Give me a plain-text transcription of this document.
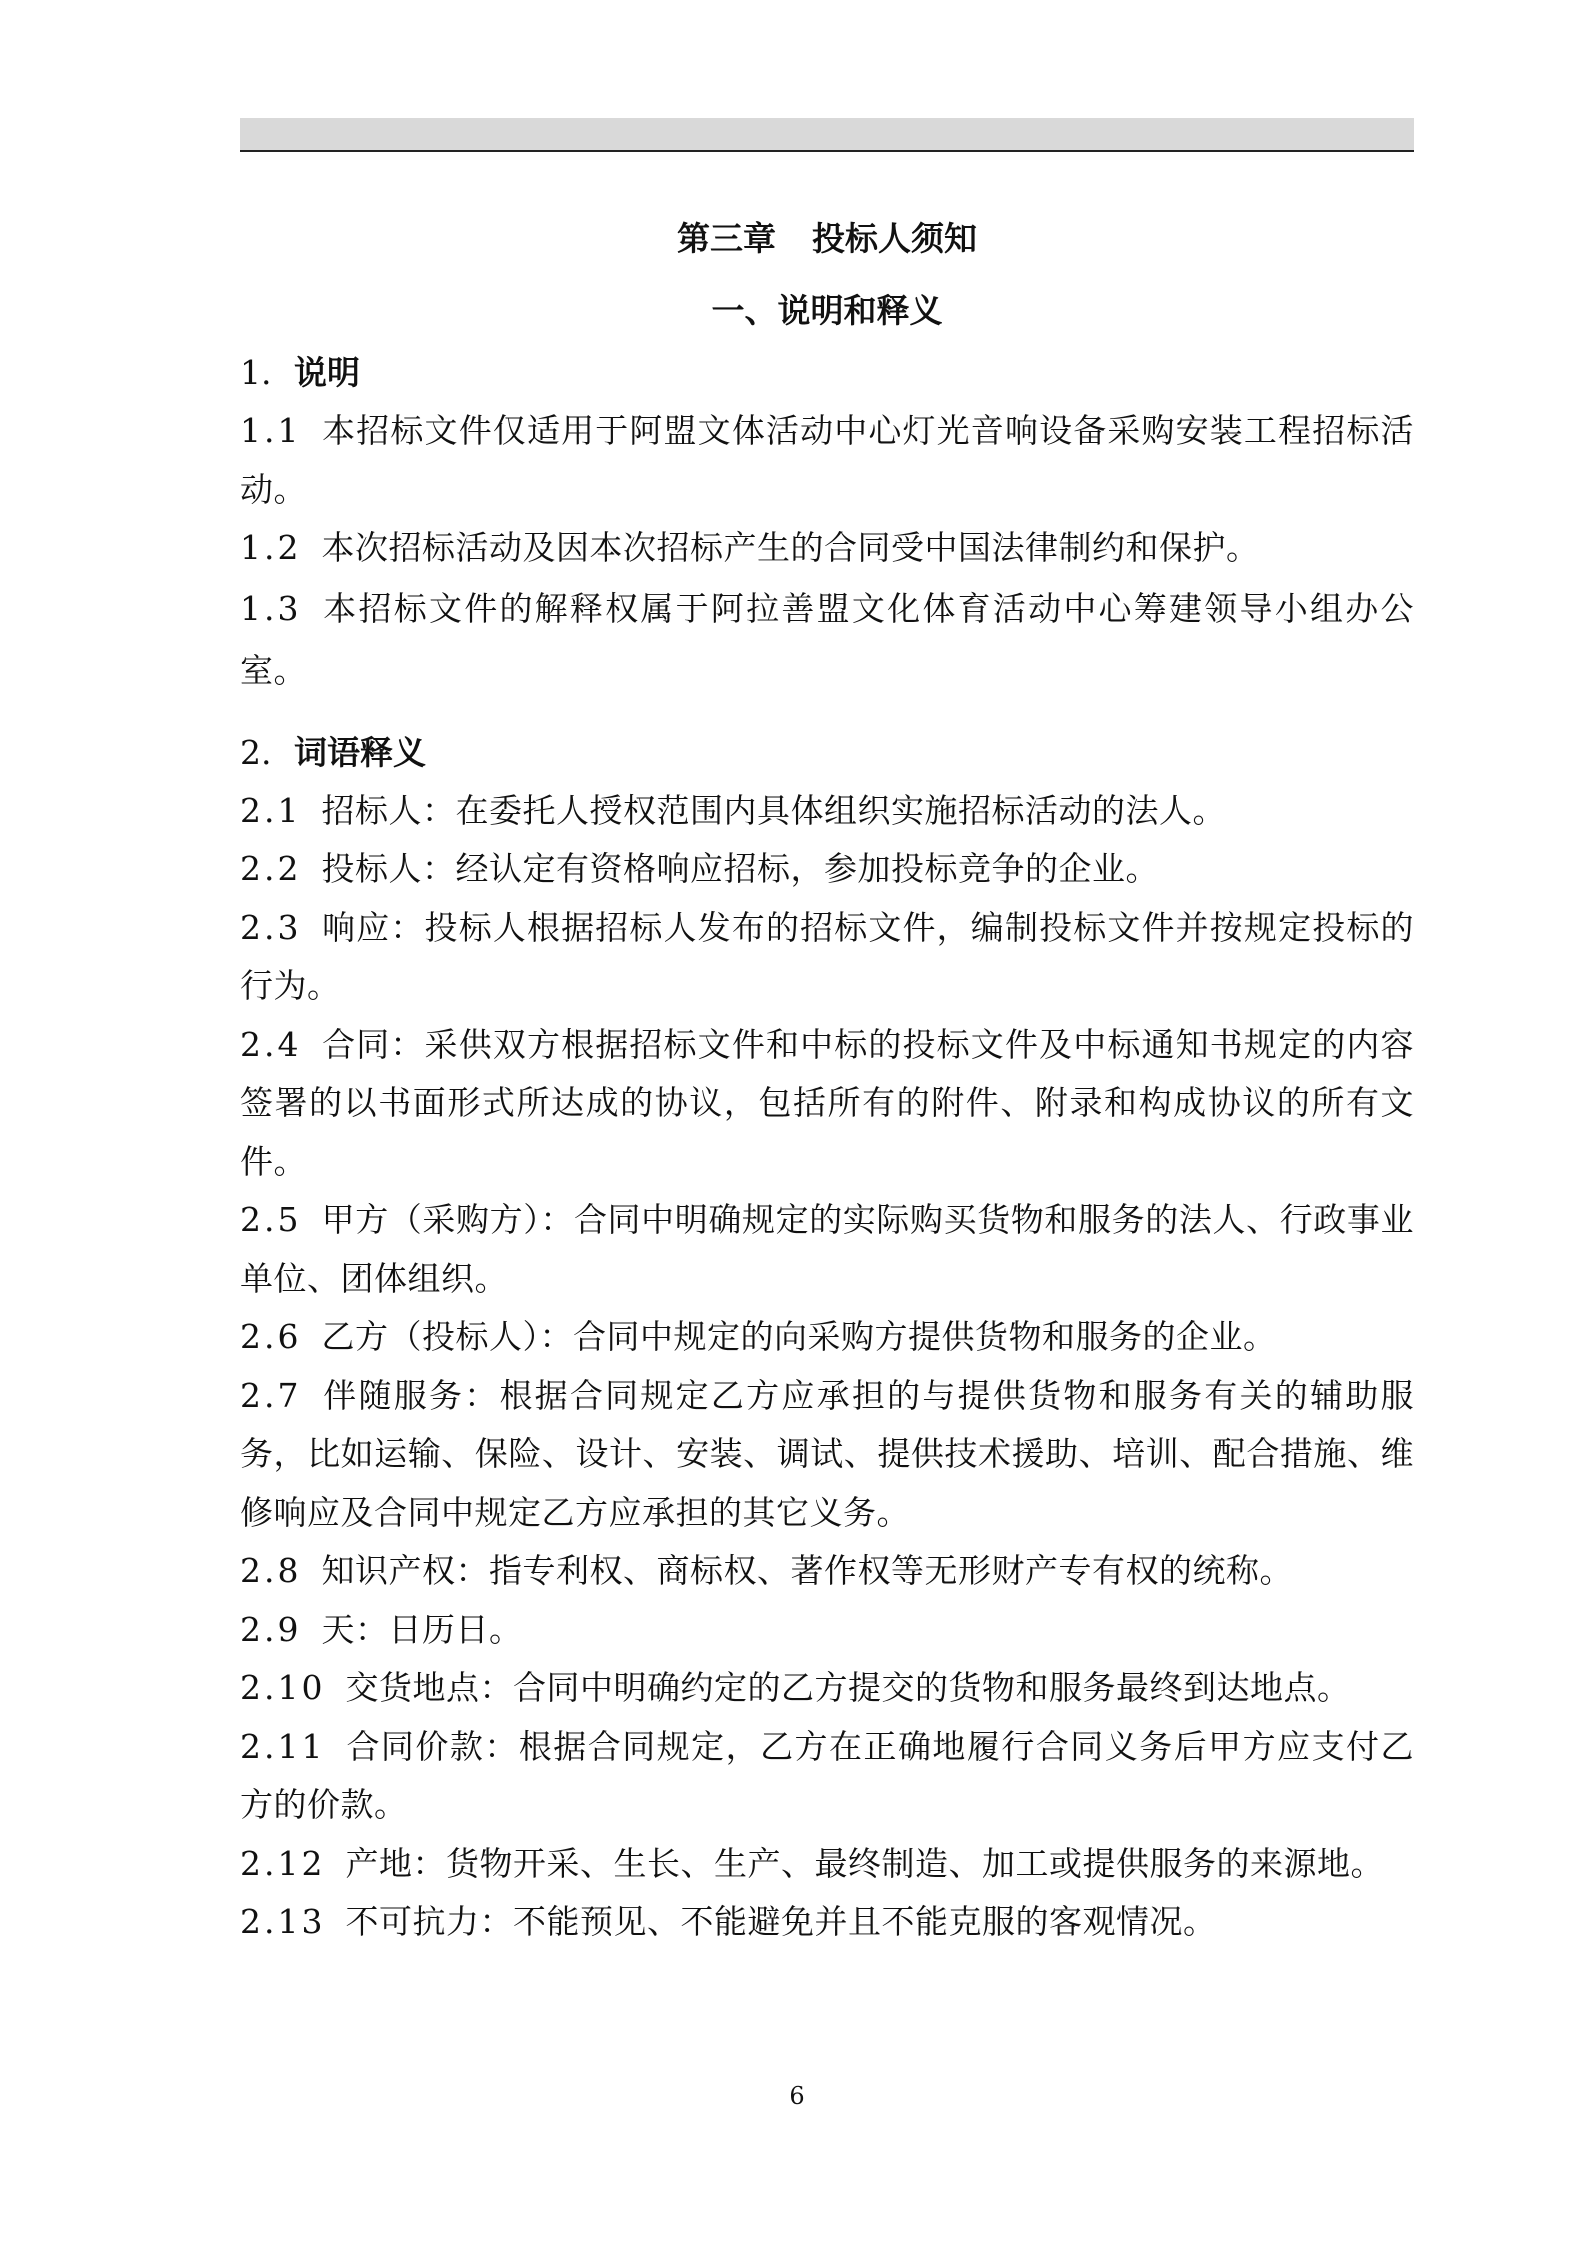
第三章 投标人须知
一、说明和释义
1. 说明

1.1 本招标文件仅适用于阿盟文体活动中心灯光音响设备采购安装工程招标活动。

1.2 本次招标活动及因本次招标产生的合同受中国法律制约和保护。

1.3 本招标文件的解释权属于阿拉善盟文化体育活动中心筹建领导小组办公室。

2. 词语释义

2.1 招标人：在委托人授权范围内具体组织实施招标活动的法人。

2.2 投标人：经认定有资格响应招标，参加投标竞争的企业。

2.3 响应：投标人根据招标人发布的招标文件，编制投标文件并按规定投标的行为。

2.4 合同：采供双方根据招标文件和中标的投标文件及中标通知书规定的内容签署的以书面形式所达成的协议，包括所有的附件、附录和构成协议的所有文件。

2.5 甲方（采购方）：合同中明确规定的实际购买货物和服务的法人、行政事业单位、团体组织。

2.6 乙方（投标人）：合同中规定的向采购方提供货物和服务的企业。

2.7 伴随服务：根据合同规定乙方应承担的与提供货物和服务有关的辅助服务，比如运输、保险、设计、安装、调试、提供技术援助、培训、配合措施、维修响应及合同中规定乙方应承担的其它义务。

2.8 知识产权：指专利权、商标权、著作权等无形财产专有权的统称。

2.9 天：日历日。

2.10 交货地点：合同中明确约定的乙方提交的货物和服务最终到达地点。

2.11 合同价款：根据合同规定，乙方在正确地履行合同义务后甲方应支付乙方的价款。

2.12 产地：货物开采、生长、生产、最终制造、加工或提供服务的来源地。

2.13 不可抗力：不能预见、不能避免并且不能克服的客观情况。

6
